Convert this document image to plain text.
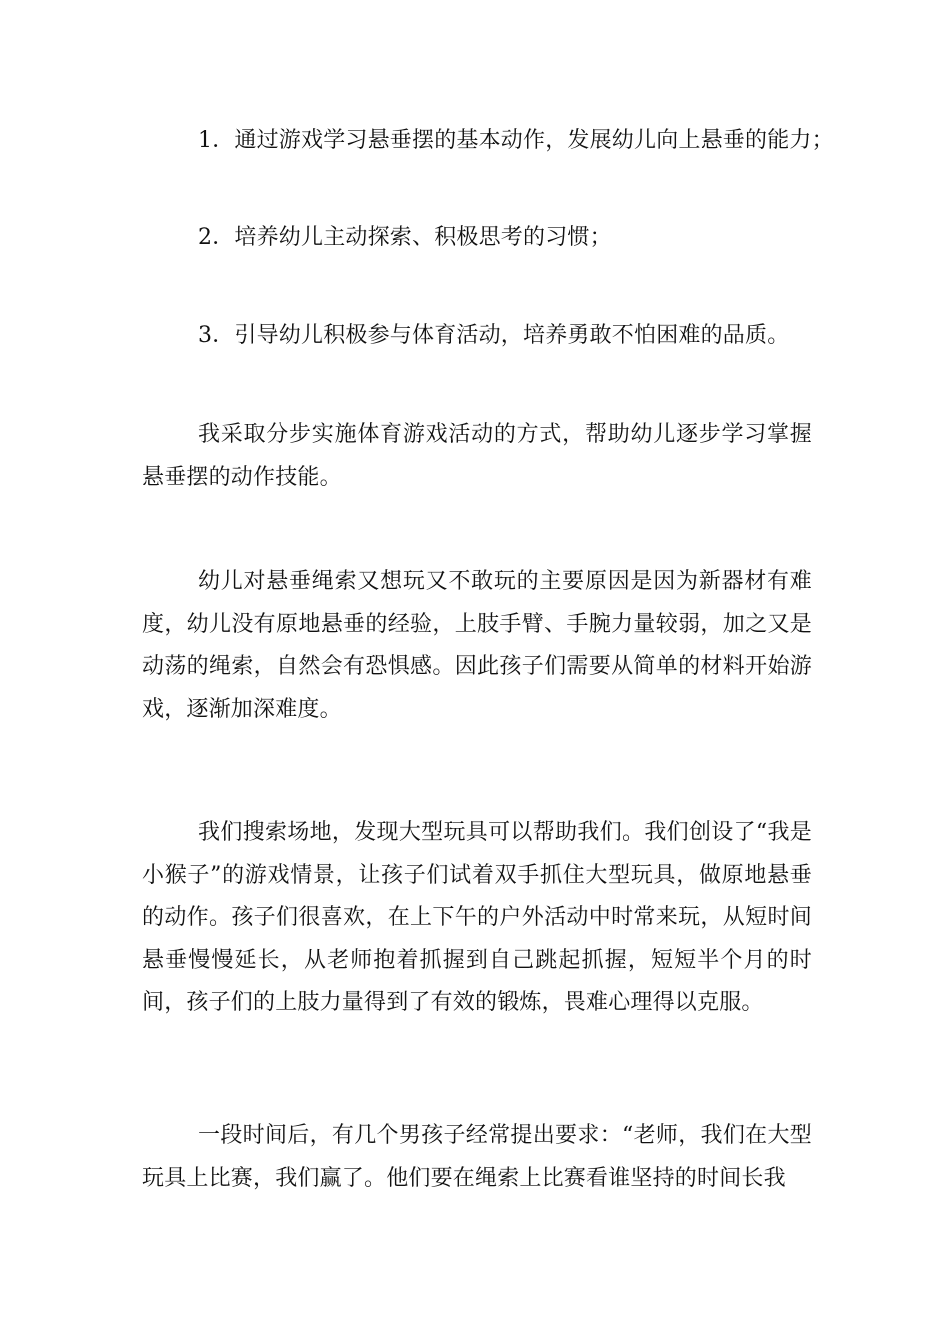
1．通过游戏学习悬垂摆的基本动作，发展幼儿向上悬垂的能力；

2．培养幼儿主动探索、积极思考的习惯；

3．引导幼儿积极参与体育活动，培养勇敢不怕困难的品质。

我采取分步实施体育游戏活动的方式，帮助幼儿逐步学习掌握悬垂摆的动作技能。

幼儿对悬垂绳索又想玩又不敢玩的主要原因是因为新器材有难度，幼儿没有原地悬垂的经验，上肢手臂、手腕力量较弱，加之又是动荡的绳索，自然会有恐惧感。因此孩子们需要从简单的材料开始游戏，逐渐加深难度。

我们搜索场地，发现大型玩具可以帮助我们。我们创设了“我是小猴子”的游戏情景，让孩子们试着双手抓住大型玩具，做原地悬垂的动作。孩子们很喜欢，在上下午的户外活动中时常来玩，从短时间悬垂慢慢延长，从老师抱着抓握到自己跳起抓握，短短半个月的时间，孩子们的上肢力量得到了有效的锻炼，畏难心理得以克服。

一段时间后，有几个男孩子经常提出要求：“老师，我们在大型玩具上比赛，我们赢了。他们要在绳索上比赛看谁坚持的时间长我
